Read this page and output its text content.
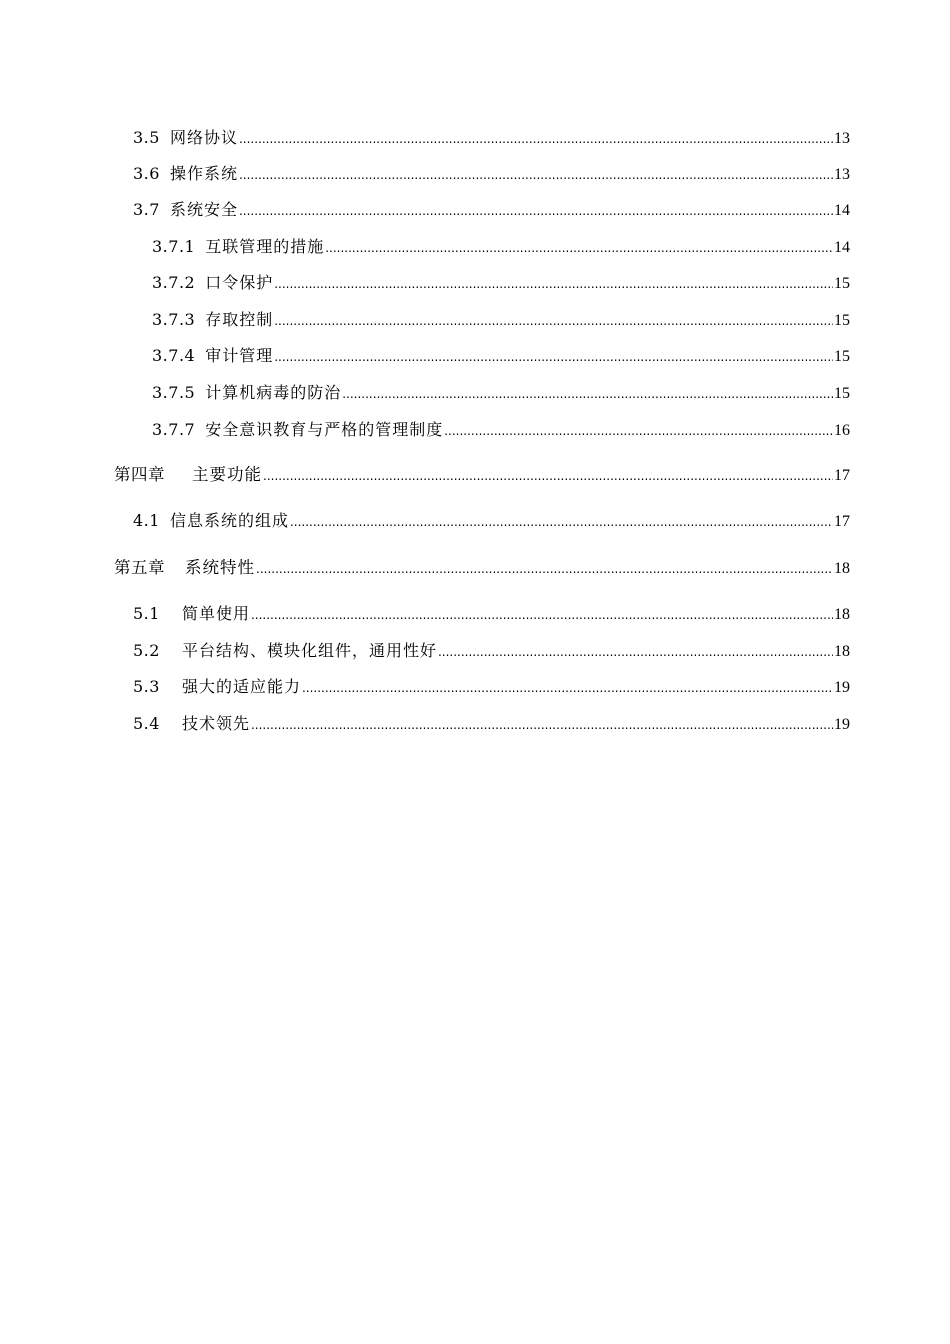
3.5 网络协议 .....	13
3.6 操作系统 .....	13
3.7 系统安全 .....	14
3.7.1 互联管理的措施 .....	14
3.7.2 口令保护 .....	15
3.7.3 存取控制 .....	15
3.7.4 审计管理 .....	15
3.7.5 计算机病毒的防治 .....	15
3.7.7 安全意识教育与严格的管理制度 .....	16
第四章 主要功能 .....	17
4.1 信息系统的组成 .....	17
第五章 系统特性 .....	18
5.1 简单使用 .....	18
5.2 平台结构、模块化组件，通用性好 .....	18
5.3 强大的适应能力 .....	19
5.4 技术领先 .....	19
